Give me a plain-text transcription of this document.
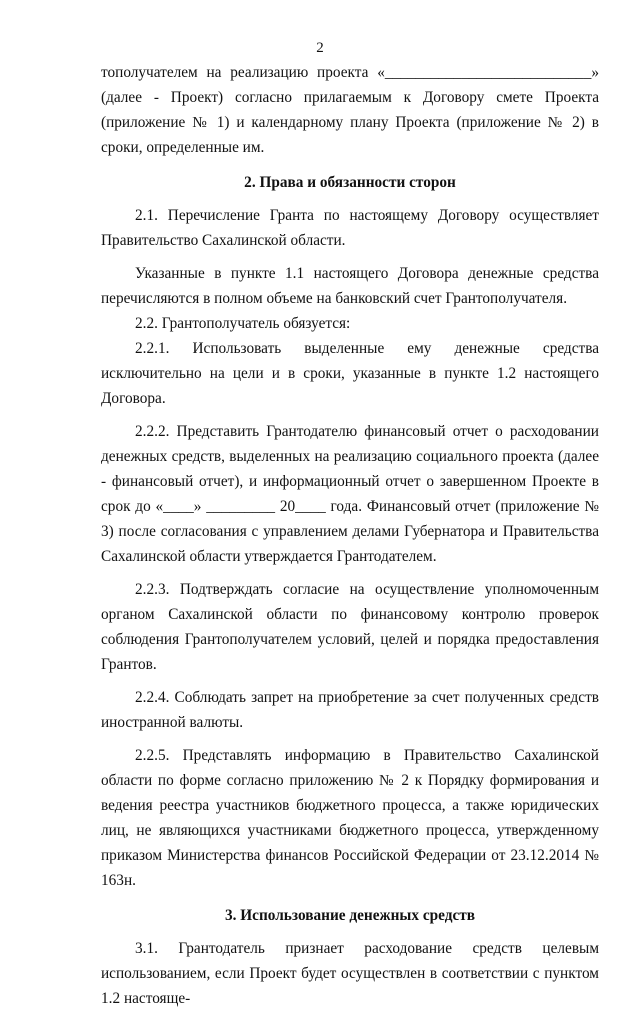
2

тополучателем на реализацию проекта «___________________________» (далее - Проект) согласно прилагаемым к Договору смете Проекта (приложение № 1) и календарному плану Проекта (приложение № 2) в сроки, определенные им.

2. Права и обязанности сторон

2.1. Перечисление Гранта по настоящему Договору осуществляет Правительство Сахалинской области.

Указанные в пункте 1.1 настоящего Договора денежные средства перечисляются в полном объеме на банковский счет Грантополучателя.

2.2. Грантополучатель обязуется:

2.2.1. Использовать выделенные ему денежные средства исключительно на цели и в сроки, указанные в пункте 1.2 настоящего Договора.

2.2.2. Представить Грантодателю финансовый отчет о расходовании денежных средств, выделенных на реализацию социального проекта (далее - финансовый отчет), и информационный отчет о завершенном Проекте в срок до «____» _________ 20____ года. Финансовый отчет (приложение № 3) после согласования с управлением делами Губернатора и Правительства Сахалинской области утверждается Грантодателем.

2.2.3. Подтверждать согласие на осуществление уполномоченным органом Сахалинской области по финансовому контролю проверок соблюдения Грантополучателем условий, целей и порядка предоставления Грантов.

2.2.4. Соблюдать запрет на приобретение за счет полученных средств иностранной валюты.

2.2.5. Представлять информацию в Правительство Сахалинской области по форме согласно приложению № 2 к Порядку формирования и ведения реестра участников бюджетного процесса, а также юридических лиц, не являющихся участниками бюджетного процесса, утвержденному приказом Министерства финансов Российской Федерации от 23.12.2014 № 163н.

3. Использование денежных средств

3.1. Грантодатель признает расходование средств целевым использованием, если Проект будет осуществлен в соответствии с пунктом 1.2 настояще-
